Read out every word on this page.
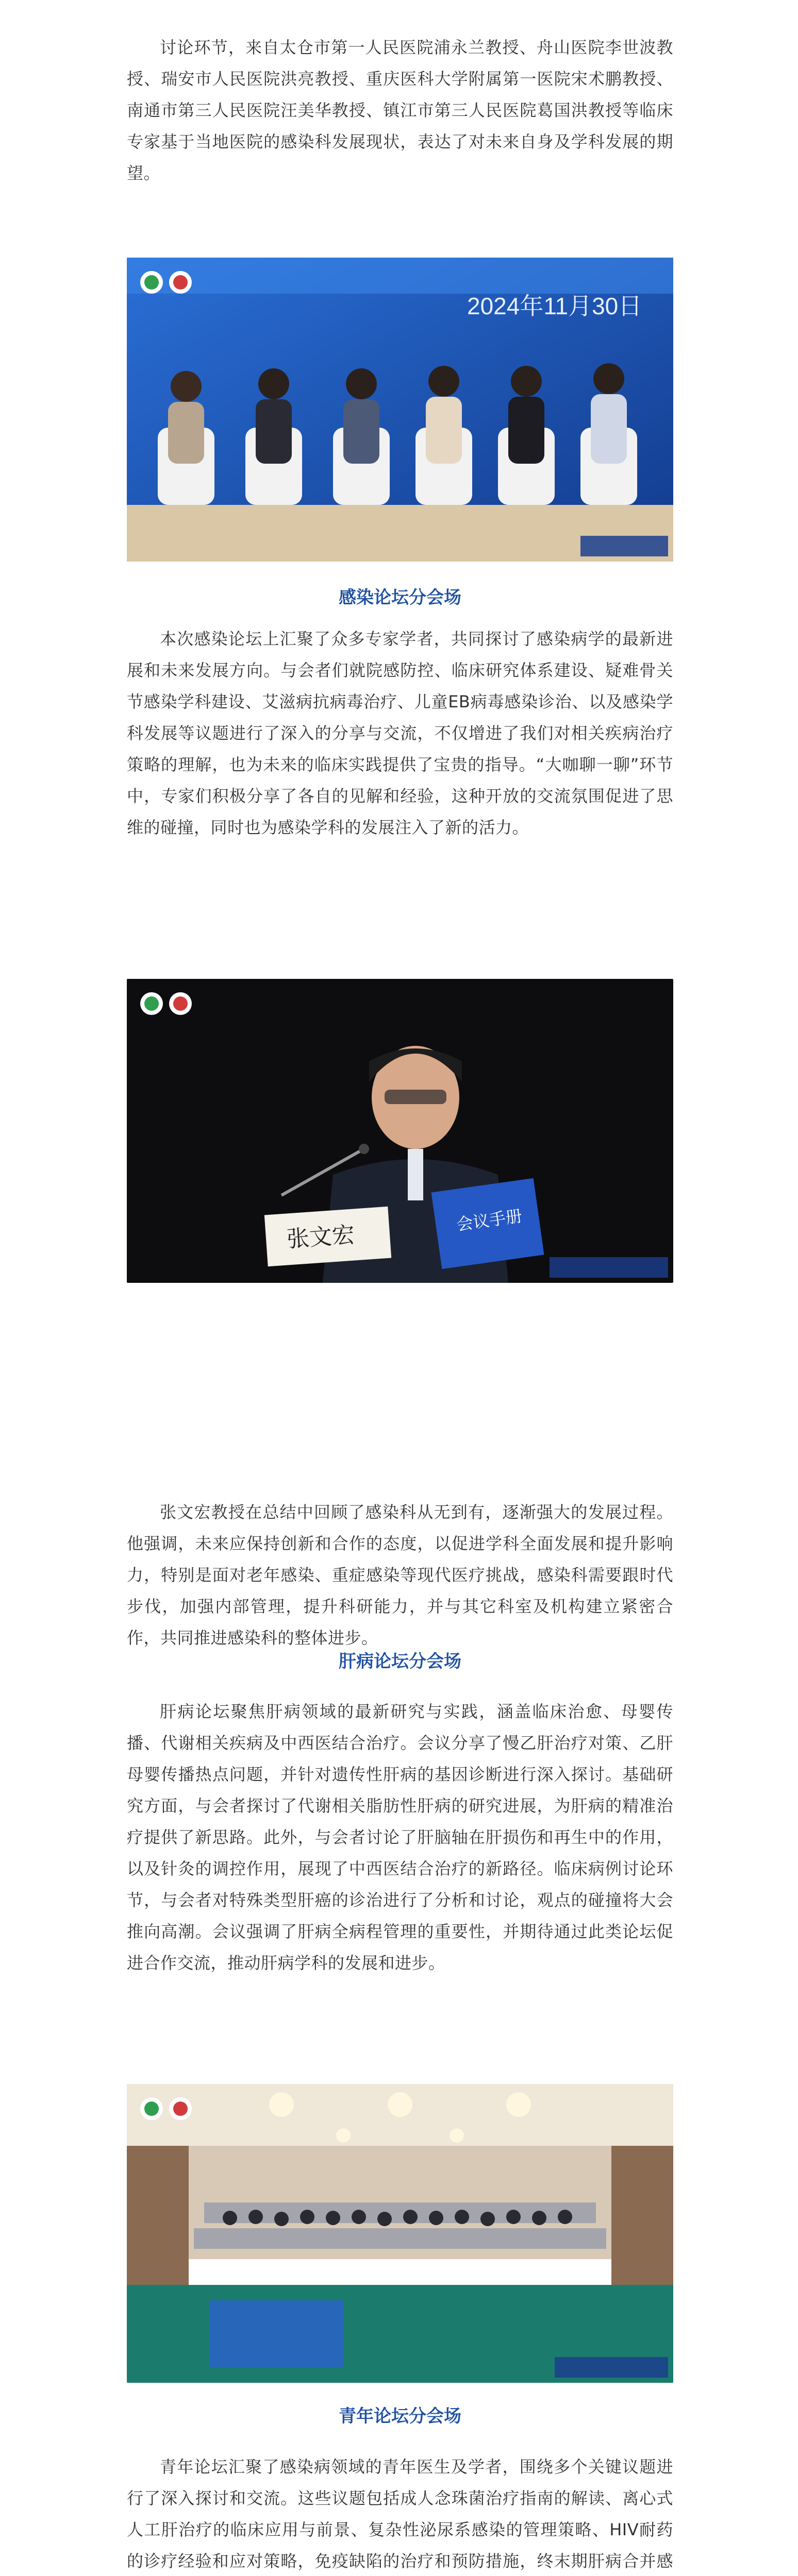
讨论环节，来自太仓市第一人民医院浦永兰教授、舟山医院李世波教授、瑞安市人民医院洪亮教授、重庆医科大学附属第一医院宋术鹏教授、南通市第三人民医院汪美华教授、镇江市第三人民医院葛国洪教授等临床专家基于当地医院的感染科发展现状，表达了对未来自身及学科发展的期望。

2024年11月30日

感染论坛分会场

本次感染论坛上汇聚了众多专家学者，共同探讨了感染病学的最新进展和未来发展方向。与会者们就院感防控、临床研究体系建设、疑难骨关节感染学科建设、艾滋病抗病毒治疗、儿童EB病毒感染诊治、以及感染学科发展等议题进行了深入的分享与交流，不仅增进了我们对相关疾病治疗策略的理解，也为未来的临床实践提供了宝贵的指导。“大咖聊一聊”环节中，专家们积极分享了各自的见解和经验，这种开放的交流氛围促进了思维的碰撞，同时也为感染学科的发展注入了新的活力。

会议手册
张文宏

张文宏教授在总结中回顾了感染科从无到有，逐渐强大的发展过程。他强调，未来应保持创新和合作的态度，以促进学科全面发展和提升影响力，特别是面对老年感染、重症感染等现代医疗挑战，感染科需要跟时代步伐，加强内部管理，提升科研能力，并与其它科室及机构建立紧密合作，共同推进感染科的整体进步。

肝病论坛分会场

肝病论坛聚焦肝病领域的最新研究与实践，涵盖临床治愈、母婴传播、代谢相关疾病及中西医结合治疗。会议分享了慢乙肝治疗对策、乙肝母婴传播热点问题，并针对遗传性肝病的基因诊断进行深入探讨。基础研究方面，与会者探讨了代谢相关脂肪性肝病的研究进展，为肝病的精准治疗提供了新思路。此外，与会者讨论了肝脑轴在肝损伤和再生中的作用，以及针灸的调控作用，展现了中西医结合治疗的新路径。临床病例讨论环节，与会者对特殊类型肝癌的诊治进行了分析和讨论，观点的碰撞将大会推向高潮。会议强调了肝病全病程管理的重要性，并期待通过此类论坛促进合作交流，推动肝病学科的发展和进步。

青年论坛分会场

青年论坛汇聚了感染病领域的青年医生及学者，围绕多个关键议题进行了深入探讨和交流。这些议题包括成人念珠菌治疗指南的解读、离心式人工肝治疗的临床应用与前景、复杂性泌尿系感染的管理策略、HIV耐药的诊疗经验和应对策略，免疫缺陷的治疗和预防措施，终末期肝病合并感
